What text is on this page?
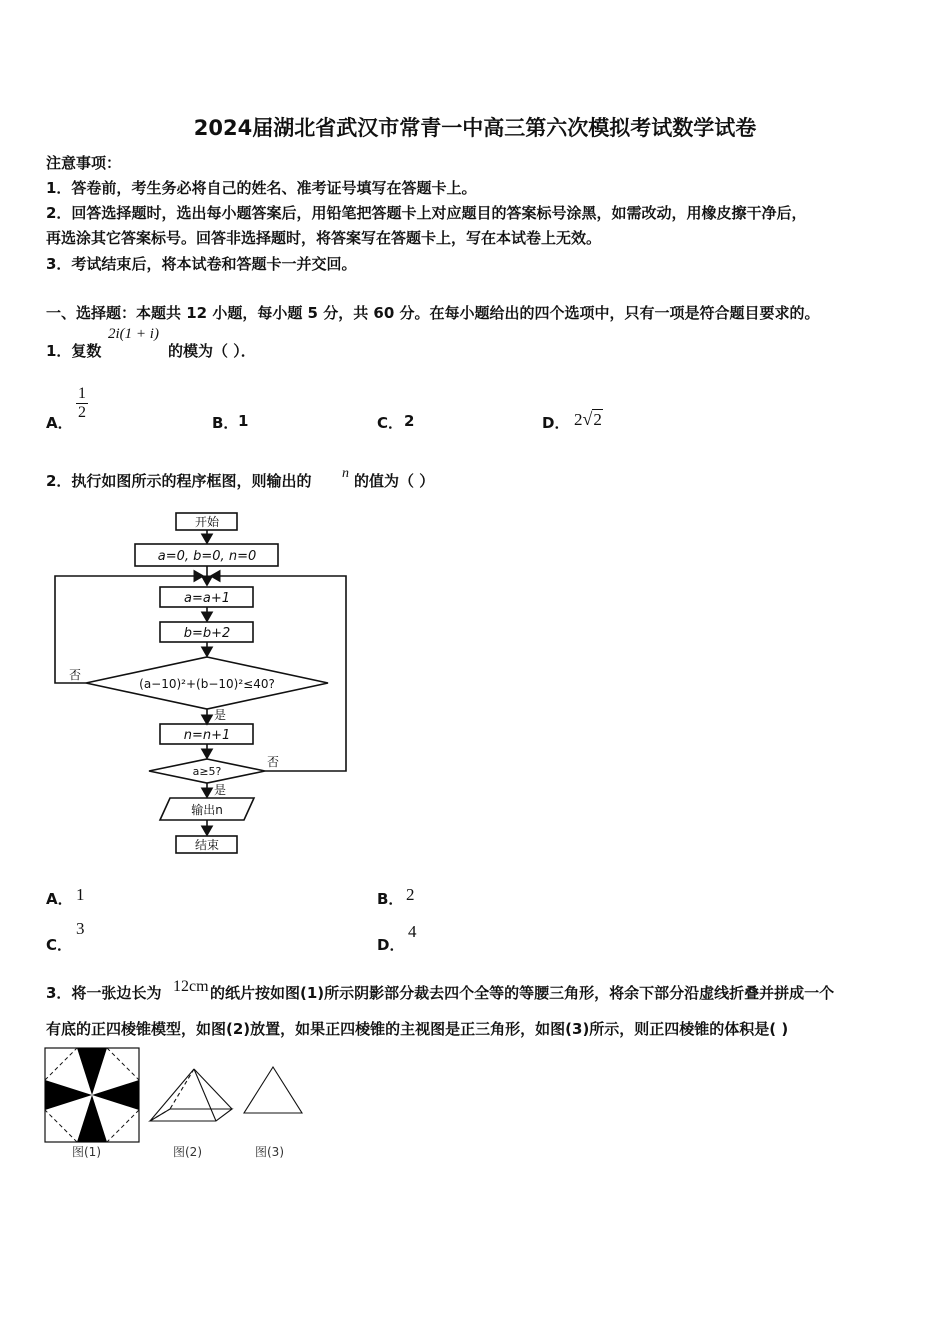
2024届湖北省武汉市常青一中高三第六次模拟考试数学试卷
注意事项：
1．答卷前，考生务必将自己的姓名、准考证号填写在答题卡上。
2．回答选择题时，选出每小题答案后，用铅笔把答题卡上对应题目的答案标号涂黑，如需改动，用橡皮擦干净后，
再选涂其它答案标号。回答非选择题时，将答案写在答题卡上，写在本试卷上无效。
3．考试结束后，将本试卷和答题卡一并交回。
一、选择题：本题共 12 小题，每小题 5 分，共 60 分。在每小题给出的四个选项中，只有一项是符合题目要求的。
1．复数
2i(1 + i)
的模为（ ）．
A．
$\frac{1}{2}$
B． 1	C． 2	D． 2√2
2．执行如图所示的程序框图，则输出的 n 的值为（ ）
开始
a=0, b=0, n=0
a=a+1
b=b+2
(a−10)²+(b−10)²≤40?
否
是
n=n+1
a≥5?
否
是
输出n
结束
A． 1	B． 2
C．
3
D．
4
3．将一张边长为 12cm 的纸片按如图(1)所示阴影部分裁去四个全等的等腰三角形，将余下部分沿虚线折叠并拼成一个
有底的正四棱锥模型，如图(2)放置，如果正四棱锥的主视图是正三角形，如图(3)所示，则正四棱锥的体积是( )
图(1)	图(2)	图(3)
